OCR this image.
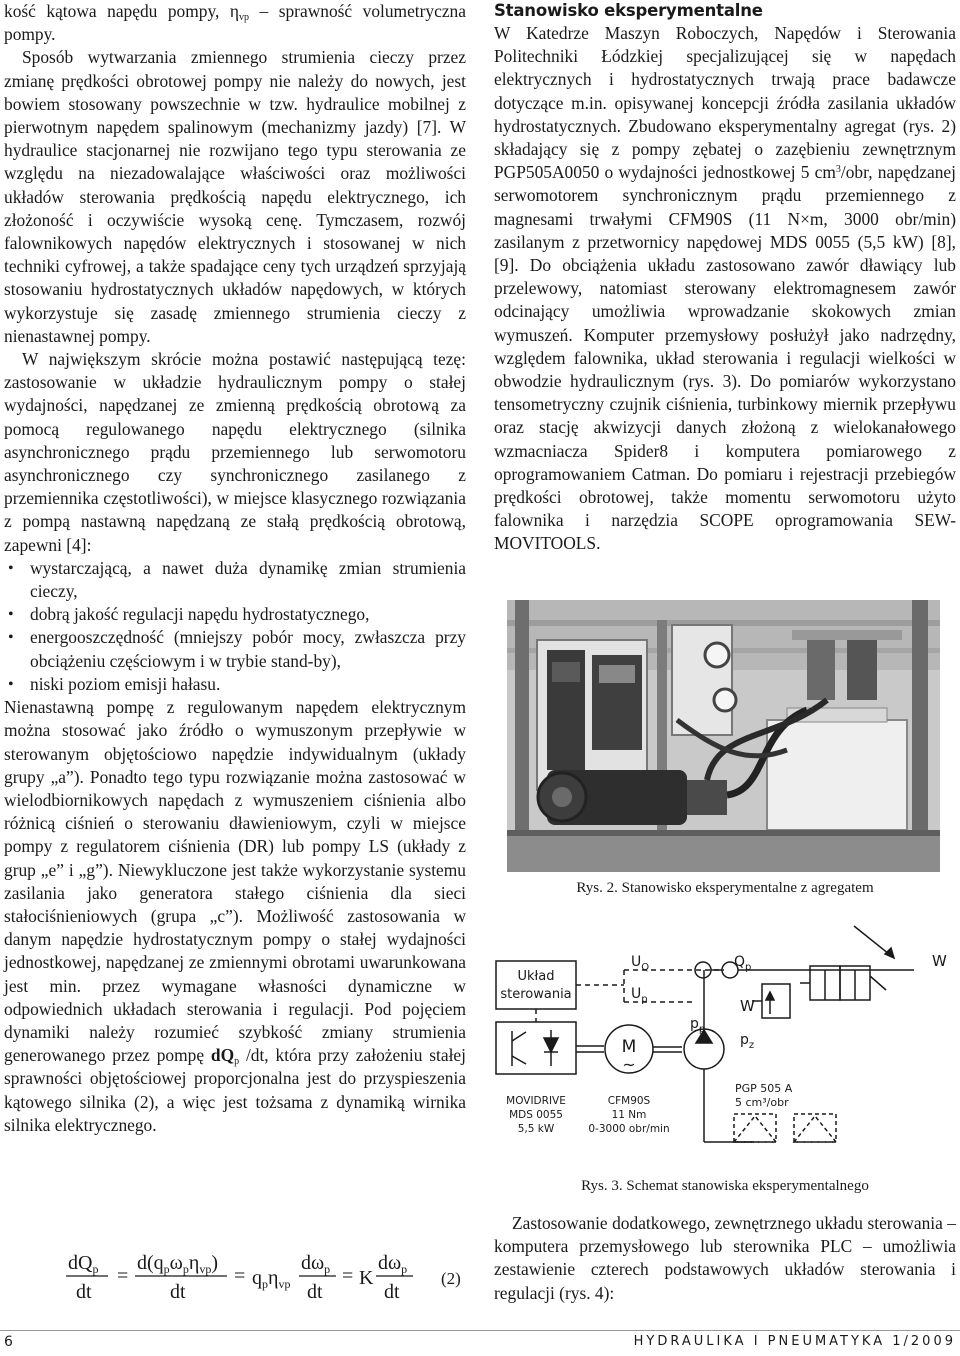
kość kątowa napędu pompy, $\eta_{vp}$ – sprawność volumetryczna pompy.

Sposób wytwarzania zmiennego strumienia cieczy przez zmianę prędkości obrotowej pompy nie należy do nowych, jest bowiem stosowany powszechnie w tzw. hydraulice mobilnej z pierwotnym napędem spalinowym (mechanizmy jazdy) [7]. W hydraulice stacjonarnej nie rozwijano tego typu sterowania ze względu na niezadowalające właściwości oraz możliwości układów sterowania prędkością napędu elektrycznego, ich złożoność i oczywiście wysoką cenę. Tymczasem, rozwój falownikowych napędów elektrycznych i stosowanej w nich techniki cyfrowej, a także spadające ceny tych urządzeń sprzyjają stosowaniu hydrostatycznych układów napędowych, w których wykorzystuje się zasadę zmiennego strumienia cieczy z nienastawnej pompy.

W największym skrócie można postawić następującą tezę: zastosowanie w układzie hydraulicznym pompy o stałej wydajności, napędzanej ze zmienną prędkością obrotową za pomocą regulowanego napędu elektrycznego (silnika asynchronicznego prądu przemiennego lub serwomotoru asynchronicznego czy synchronicznego zasilanego z przemiennika częstotliwości), w miejsce klasycznego rozwiązania z pompą nastawną napędzaną ze stałą prędkością obrotową, zapewni [4]:

• wystarczającą, a nawet duża dynamikę zmian strumienia cieczy,
• dobrą jakość regulacji napędu hydrostatycznego,
• energooszczędność (mniejszy pobór mocy, zwłaszcza przy obciążeniu częściowym i w trybie stand-by),
• niski poziom emisji hałasu.

Nienastawną pompę z regulowanym napędem elektrycznym można stosować jako źródło o wymuszonym przepływie w sterowanym objętościowo napędzie indywidualnym (układy grupy „a”). Ponadto tego typu rozwiązanie można zastosować w wielodbiornikowych napędach z wymuszeniem ciśnienia albo różnicą ciśnień o sterowaniu dławieniowym, czyli w miejsce pompy z regulatorem ciśnienia (DR) lub pompy LS (układy z grup „e” i „g”). Niewykluczone jest także wykorzystanie systemu zasilania jako generatora stałego ciśnienia dla sieci stałociśnieniowych (grupa „c”). Możliwość zastosowania w danym napędzie hydrostatycznym pompy o stałej wydajności jednostkowej, napędzanej ze zmiennymi obrotami uwarunkowana jest min. przez wymagane własności dynamiczne w odpowiednich układach sterowania i regulacji. Pod pojęciem dynamiki należy rozumieć szybkość zmiany strumienia generowanego przez pompę $dQ_p$ /dt, która przy założeniu stałej sprawności objętościowej proporcjonalna jest do przyspieszenia kątowego silnika (2), a więc jest tożsama z dynamiką wirnika silnika elektrycznego.

$dQ_p$
dt
=
$d(q_p\omega_p\eta_{vp})$
dt
= $q_p\eta_{vp}$
$d\omega_p$
dt
= K
$d\omega_p$
dt
(2)
Stanowisko eksperymentalne

W Katedrze Maszyn Roboczych, Napędów i Sterowania Politechniki Łódzkiej specjalizującej się w napędach elektrycznych i hydrostatycznych trwają prace badawcze dotyczące m.in. opisywanej koncepcji źródła zasilania układów hydrostatycznych. Zbudowano eksperymentalny agregat (rys. 2) składający się z pompy zębatej o zazębieniu zewnętrznym PGP505A0050 o wydajności jednostkowej 5 $cm^3$/obr, napędzanej serwomotorem synchronicznym prądu przemiennego z magnesami trwałymi CFM90S (11 N×m, 3000 obr/min) zasilanym z przetwornicy napędowej MDS 0055 (5,5 kW) [8], [9]. Do obciążenia układu zastosowano zawór dławiący lub przelewowy, natomiast sterowany elektromagnesem zawór odcinający umożliwia wprowadzanie skokowych zmian wymuszeń. Komputer przemysłowy posłużył jako nadrzędny, względem falownika, układ sterowania i regulacji wielkości w obwodzie hydraulicznym (rys. 3). Do pomiarów wykorzystano tensometryczny czujnik ciśnienia, turbinkowy miernik przepływu oraz stację akwizycji danych złożoną z wielokanałowego wzmacniacza Spider8 i komputera pomiarowego z oprogramowaniem Catman. Do pomiaru i rejestracji przebiegów prędkości obrotowej, także momentu serwomotoru użyto falownika i narzędzia SCOPE oprogramowania SEW-MOVITOOLS.

Rys. 2. Stanowisko eksperymentalne z agregatem
Układ
sterowania
$U_Q$
$U_p$
MOVIDRIVE
MDS 0055
5,5 kW
M
~
CFM90S
11 Nm
0-3000 obr/min
$p_p$
PGP 505 A
5 cm³/obr
$Q_p$
W
$p_z$
W
Rys. 3. Schemat stanowiska eksperymentalnego

Zastosowanie dodatkowego, zewnętrznego układu sterowania – komputera przemysłowego lub sterownika PLC – umożliwia zestawienie czterech podstawowych układów sterowania i regulacji (rys. 4):

6	HYDRAULIKA I PNEUMATYKA 1/2009
